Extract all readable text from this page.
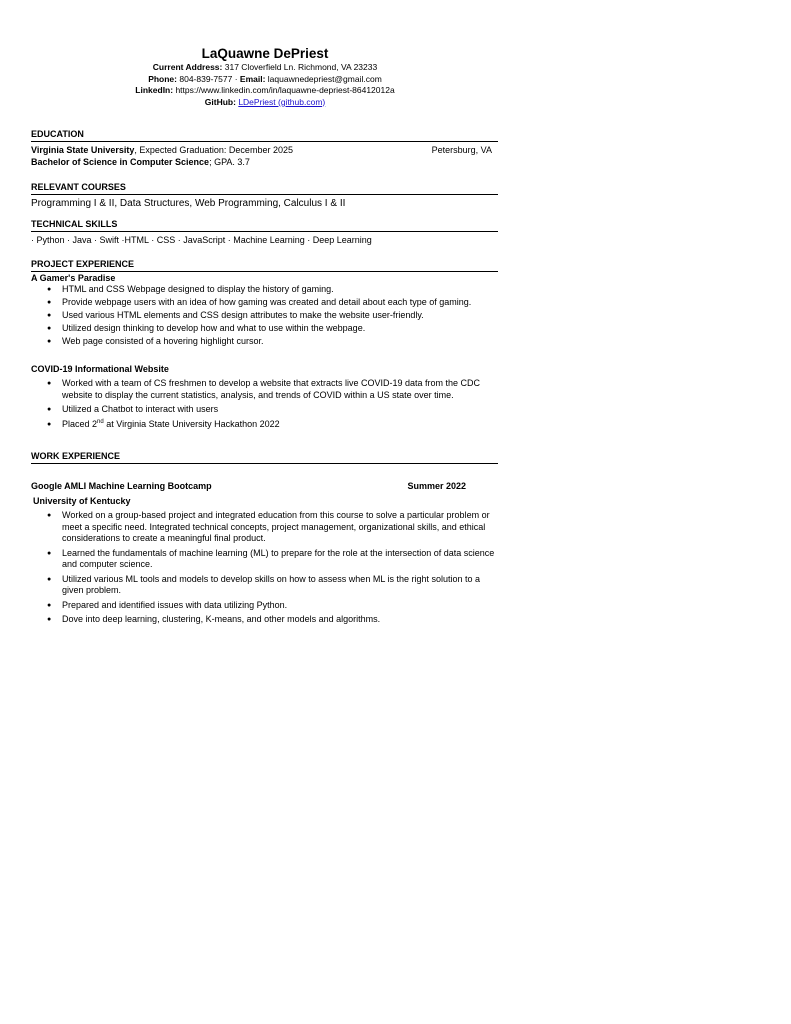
LaQuawne DePriest
Current Address: 317 Cloverfield Ln. Richmond, VA 23233
Phone: 804-839-7577 · Email: laquawnedepriest@gmail.com
LinkedIn: https://www.linkedin.com/in/laquawne-depriest-86412012a
GitHub: LDePriest (github.com)
EDUCATION
Virginia State University, Expected Graduation: December 2025	Petersburg, VA
Bachelor of Science in Computer Science; GPA. 3.7
RELEVANT COURSES
Programming I & II, Data Structures, Web Programming, Calculus I & II
TECHNICAL SKILLS
· Python · Java · Swift ·HTML · CSS · JavaScript · Machine Learning · Deep Learning
PROJECT EXPERIENCE
A Gamer's Paradise
● HTML and CSS Webpage designed to display the history of gaming.
● Provide webpage users with an idea of how gaming was created and detail about each type of gaming.
● Used various HTML elements and CSS design attributes to make the website user-friendly.
● Utilized design thinking to develop how and what to use within the webpage.
● Web page consisted of a hovering highlight cursor.
COVID-19 Informational Website
● Worked with a team of CS freshmen to develop a website that extracts live COVID-19 data from the CDC website to display the current statistics, analysis, and trends of COVID within a US state over time.
● Utilized a Chatbot to interact with users
● Placed 2nd at Virginia State University Hackathon 2022
WORK EXPERIENCE
Google AMLI Machine Learning Bootcamp	Summer 2022
University of Kentucky
● Worked on a group-based project and integrated education from this course to solve a particular problem or meet a specific need. Integrated technical concepts, project management, organizational skills, and ethical considerations to create a meaningful final product.
● Learned the fundamentals of machine learning (ML) to prepare for the role at the intersection of data science and computer science.
● Utilized various ML tools and models to develop skills on how to assess when ML is the right solution to a given problem.
● Prepared and identified issues with data utilizing Python.
● Dove into deep learning, clustering, K-means, and other models and algorithms.
